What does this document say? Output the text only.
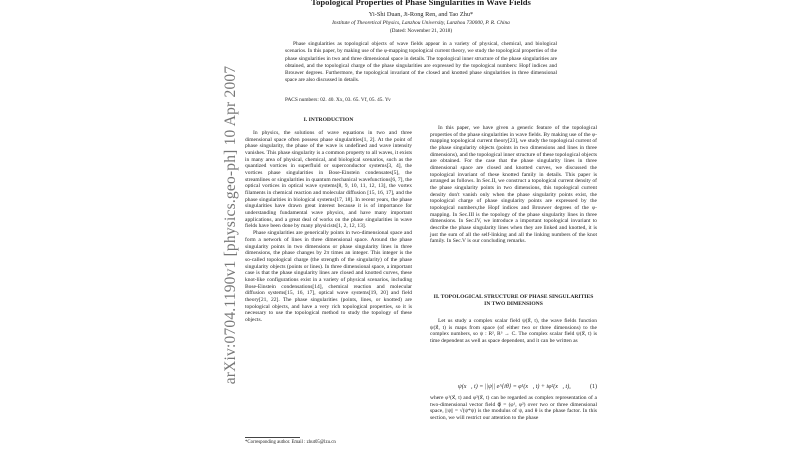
arXiv:0704.1190v1 [physics.geo-ph] 10 Apr 2007
Topological Properties of Phase Singularities in Wave Fields
Yi-Shi Duan, Ji-Rong Ren, and Tao Zhu*
Institute of Theoretical Physics, Lanzhou University, Lanzhou 730000, P. R. China
(Dated: November 21, 2018)
Phase singularities as topological objects of wave fields appear in a variety of physical, chemical, and biological scenarios. In this paper, by making use of the φ-mapping topological current theory, we study the topological properties of the phase singularities in two and three dimensional space in details. The topological inner structure of the phase singularities are obtained, and the topological charge of the phase singularities are expressed by the topological numbers: Hopf indices and Brouwer degrees. Furthermore, the topological invariant of the closed and knotted phase singularities in three dimensional space are also discussed in details.
PACS numbers: 02. 40. Xx, 03. 65. Vf, 05. 45. Yv
I. INTRODUCTION

In physics, the solutions of wave equations in two and three dimensional space often possess phase singularities[1, 2]. At the point of phase singularity, the phase of the wave is undefined and wave intensity vanishes. This phase singularity is a common property to all waves, it exists in many area of physical, chemical, and biological scenarios, such as the quantized vortices in superfluid or superconductor systems[3, 4], the vortices phase singularities in Bose-Einstein condensates[5], the streamlines or singularities in quantum mechanical wavefunctions[6, 7], the optical vortices in optical wave systems[8, 9, 10, 11, 12, 13], the vortex filaments in chemical reaction and molecular diffusion [15, 16, 17], and the phase singularities in biological systems[17, 18]. In recent years, the phase singularities have drawn great interest because it is of importance for understanding fundamental wave physics, and have many important applications, and a great deal of works on the phase singularities in wave fields have been done by many physicists[1, 2, 12, 13].

Phase singularities are generically points in two-dimensional space and form a network of lines in three dimensional space. Around the phase singularity points in two dimensions or phase singularity lines in three dimensions, the phase changes by 2π times an integer. This integer is the so-called topological charge (the strength of the singularity) of the phase singularity objects (points or lines). In three dimensional space, a important case is that the phase singularity lines are closed and knotted curves, these knot-like configurations exist in a variety of physical scenarios, including Bose-Einstein condensations[14], chemical reaction and molecular diffusion systems[15, 16, 17], optical wave systems[19, 20] and field theory[21, 22]. The phase singularities (points, lines, or knotted) are topological objects, and have a very rich topological properties, so it is necessary to use the topological method to study the topology of these objects.

In this paper, we have given a generic feature of the topological properties of the phase singularities in wave fields. By making use of the φ-mapping topological current theory[23], we study the topological current of the phase singularity objects (points in two dimensions and lines in three dimensions), and the topological inner structure of these topological objects are obtained. For the case that the phase singularity lines in three dimensional space are closed and knotted curves, we discussed the topological invariant of these knotted family in details. This paper is arranged as follows. In Sec.II, we construct a topological current density of the phase singularity points in two dimensions, this topological current density don't vanish only when the phase singularity points exist, the topological charge of phase singularity points are expressed by the topological numbers,the Hopf indices and Brouwer degrees of the φ-mapping. In Sec.III is the topology of the phase singularity lines in three dimensions. In Sec.IV, we introduce a important topological invariant to describe the phase singularity lines when they are linked and knotted, it is just the sum of all the self-linking and all the linking numbers of the knot family. In Sec.V is our concluding remarks.

II. TOPOLOGICAL STRUCTURE OF PHASE SINGULARITIES IN TWO DIMENSIONS

Let us study a complex scalar field ψ(x⃗, t), the wave fields function ψ(x⃗, t) is maps from space (of either two or three dimensions) to the complex numbers, so ψ : R², R³ → C. The complex scalar field ψ(x⃗, t) is time dependent as well as space dependent, and it can be written as

ψ(x⃗, t) = ||ψ|| e^{iθ} = φ¹(x⃗, t) + iφ²(x⃗, t),	(1)

where φ¹(x⃗, t) and φ²(x⃗, t) can be regarded as complex representation of a two-dimensional vector field φ⃗ = (φ¹, φ²) over two or three dimensional space, ||ψ|| = √(ψ*ψ) is the modulus of ψ, and θ is the phase factor. In this section, we will restrict our attention to the phase

*Corresponding author. Email : zhut05@lzu.cn
